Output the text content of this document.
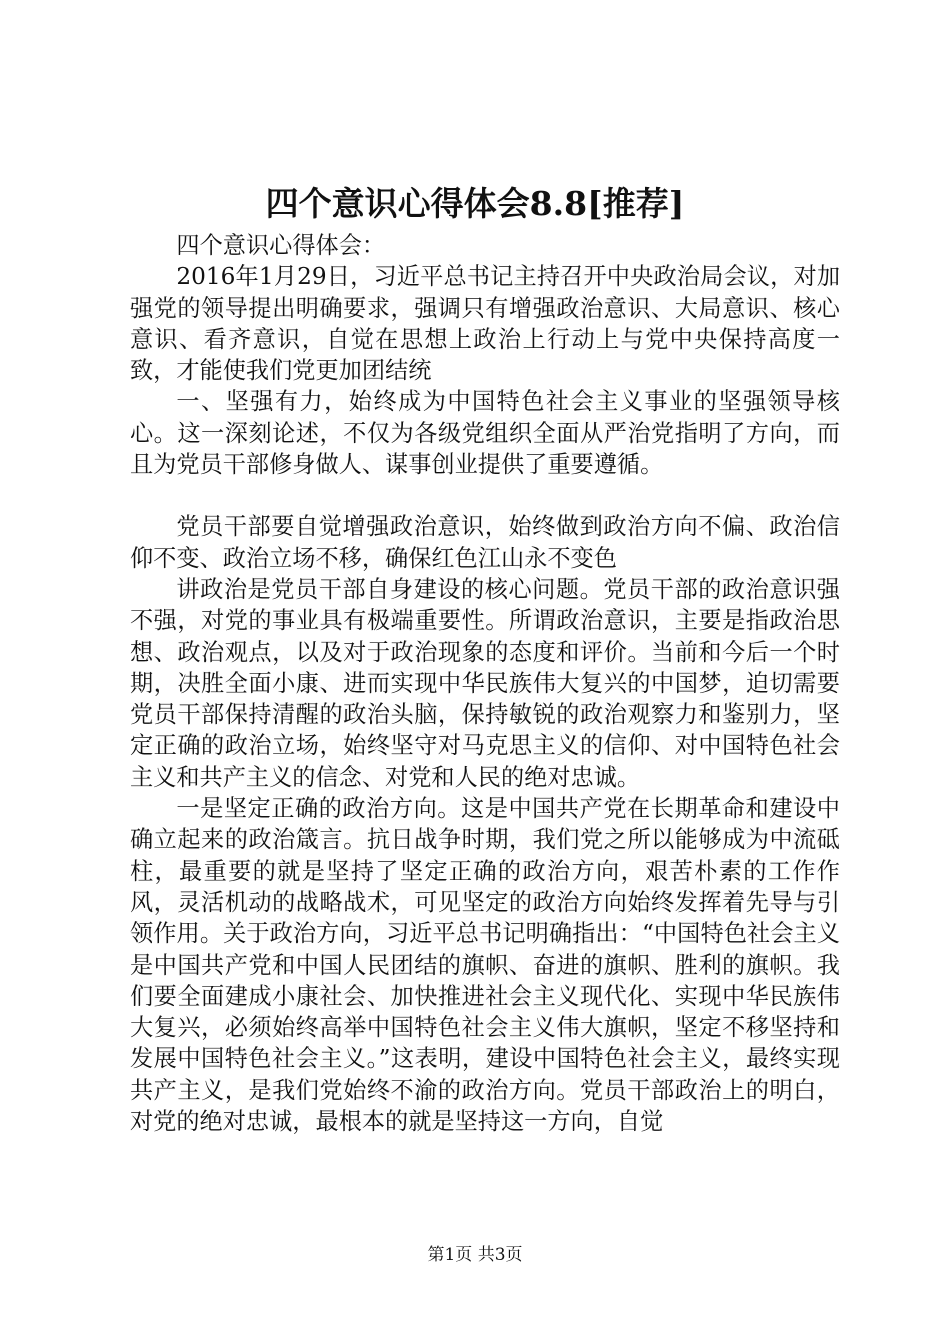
四个意识心得体会8.8[推荐]

四个意识心得体会：

2016年1月29日，习近平总书记主持召开中央政治局会议，对加强党的领导提出明确要求，强调只有增强政治意识、大局意识、核心意识、看齐意识，自觉在思想上政治上行动上与党中央保持高度一致，才能使我们党更加团结统

一、坚强有力，始终成为中国特色社会主义事业的坚强领导核心。这一深刻论述，不仅为各级党组织全面从严治党指明了方向，而且为党员干部修身做人、谋事创业提供了重要遵循。

党员干部要自觉增强政治意识，始终做到政治方向不偏、政治信仰不变、政治立场不移，确保红色江山永不变色

讲政治是党员干部自身建设的核心问题。党员干部的政治意识强不强，对党的事业具有极端重要性。所谓政治意识，主要是指政治思想、政治观点，以及对于政治现象的态度和评价。当前和今后一个时期，决胜全面小康、进而实现中华民族伟大复兴的中国梦，迫切需要党员干部保持清醒的政治头脑，保持敏锐的政治观察力和鉴别力，坚定正确的政治立场，始终坚守对马克思主义的信仰、对中国特色社会主义和共产主义的信念、对党和人民的绝对忠诚。

一是坚定正确的政治方向。这是中国共产党在长期革命和建设中确立起来的政治箴言。抗日战争时期，我们党之所以能够成为中流砥柱，最重要的就是坚持了坚定正确的政治方向，艰苦朴素的工作作风，灵活机动的战略战术，可见坚定的政治方向始终发挥着先导与引领作用。关于政治方向，习近平总书记明确指出：“中国特色社会主义是中国共产党和中国人民团结的旗帜、奋进的旗帜、胜利的旗帜。我们要全面建成小康社会、加快推进社会主义现代化、实现中华民族伟大复兴，必须始终高举中国特色社会主义伟大旗帜，坚定不移坚持和发展中国特色社会主义。”这表明，建设中国特色社会主义，最终实现共产主义，是我们党始终不渝的政治方向。党员干部政治上的明白，对党的绝对忠诚，最根本的就是坚持这一方向，自觉

第1页 共3页
